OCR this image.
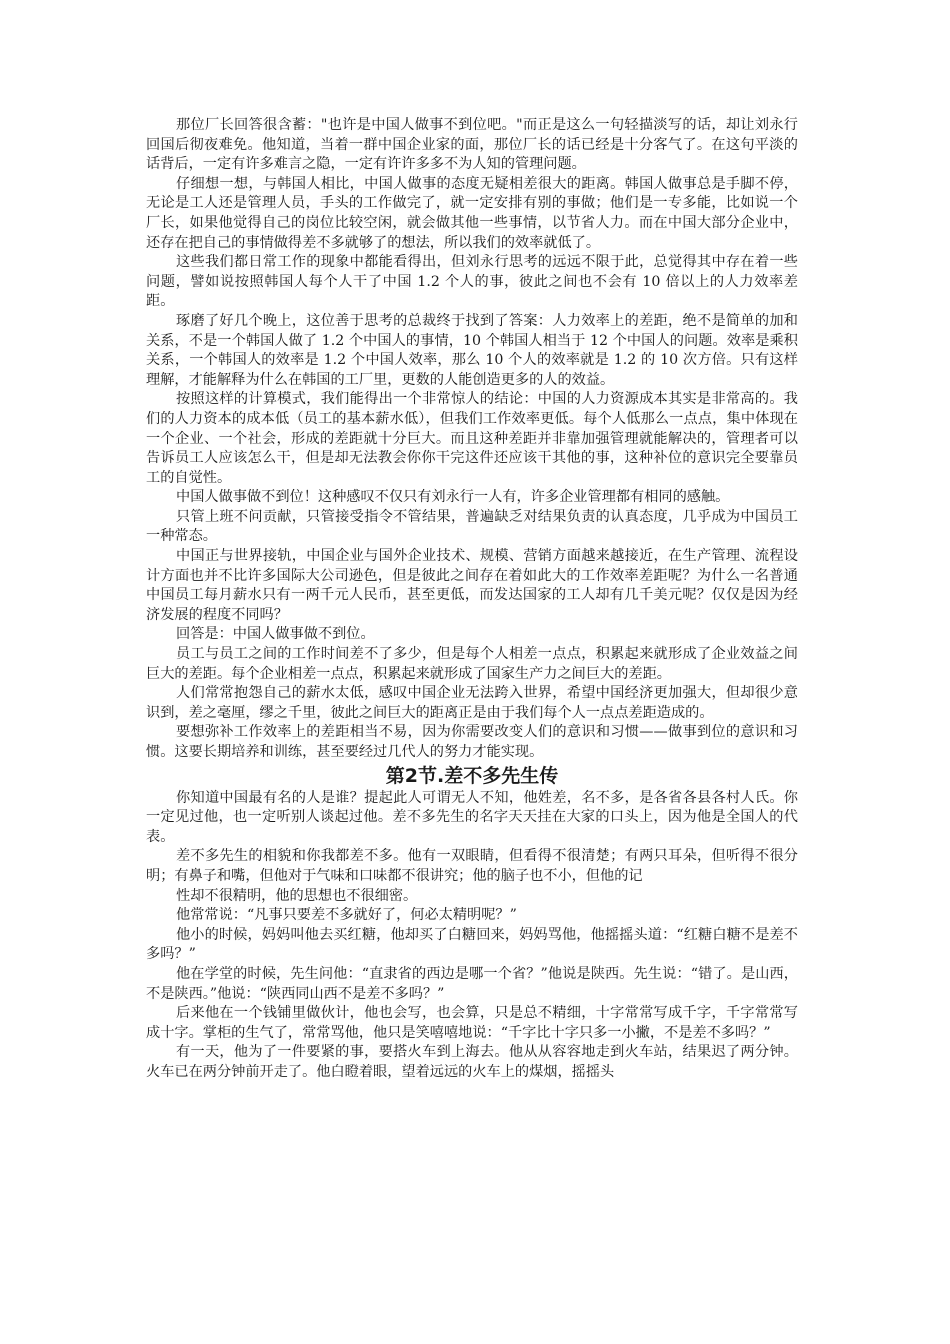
那位厂长回答很含蓄："也许是中国人做事不到位吧。"而正是这么一句轻描淡写的话，却让刘永行回国后彻夜难免。他知道，当着一群中国企业家的面，那位厂长的话已经是十分客气了。在这句平淡的话背后，一定有许多难言之隐，一定有许许多多不为人知的管理问题。

仔细想一想，与韩国人相比，中国人做事的态度无疑相差很大的距离。韩国人做事总是手脚不停，无论是工人还是管理人员，手头的工作做完了，就一定安排有别的事做；他们是一专多能，比如说一个厂长，如果他觉得自己的岗位比较空闲，就会做其他一些事情，以节省人力。而在中国大部分企业中，还存在把自己的事情做得差不多就够了的想法，所以我们的效率就低了。

这些我们都日常工作的现象中都能看得出，但刘永行思考的远远不限于此，总觉得其中存在着一些问题，譬如说按照韩国人每个人干了中国 1.2 个人的事，彼此之间也不会有 10 倍以上的人力效率差距。

琢磨了好几个晚上，这位善于思考的总裁终于找到了答案：人力效率上的差距，绝不是简单的加和关系，不是一个韩国人做了 1.2 个中国人的事情，10 个韩国人相当于 12 个中国人的问题。效率是乘积关系，一个韩国人的效率是 1.2 个中国人效率，那么 10 个人的效率就是 1.2 的 10 次方倍。只有这样理解，才能解释为什么在韩国的工厂里，更数的人能创造更多的人的效益。

按照这样的计算模式，我们能得出一个非常惊人的结论：中国的人力资源成本其实是非常高的。我们的人力资本的成本低（员工的基本薪水低），但我们工作效率更低。每个人低那么一点点，集中体现在一个企业、一个社会，形成的差距就十分巨大。而且这种差距并非靠加强管理就能解决的，管理者可以告诉员工人应该怎么干，但是却无法教会你你干完这件还应该干其他的事，这种补位的意识完全要靠员工的自觉性。

中国人做事做不到位！这种感叹不仅只有刘永行一人有，许多企业管理都有相同的感触。

只管上班不问贡献，只管接受指令不管结果，普遍缺乏对结果负责的认真态度，几乎成为中国员工一种常态。

中国正与世界接轨，中国企业与国外企业技术、规模、营销方面越来越接近，在生产管理、流程设计方面也并不比许多国际大公司逊色，但是彼此之间存在着如此大的工作效率差距呢？为什么一名普通中国员工每月薪水只有一两千元人民币，甚至更低，而发达国家的工人却有几千美元呢？仅仅是因为经济发展的程度不同吗？

回答是：中国人做事做不到位。

员工与员工之间的工作时间差不了多少，但是每个人相差一点点，积累起来就形成了企业效益之间巨大的差距。每个企业相差一点点，积累起来就形成了国家生产力之间巨大的差距。

人们常常抱怨自己的薪水太低，感叹中国企业无法跨入世界，希望中国经济更加强大，但却很少意识到，差之毫厘，缪之千里，彼此之间巨大的距离正是由于我们每个人一点点差距造成的。

要想弥补工作效率上的差距相当不易，因为你需要改变人们的意识和习惯——做事到位的意识和习惯。这要长期培养和训练，甚至要经过几代人的努力才能实现。

第2节.差不多先生传

你知道中国最有名的人是谁？提起此人可谓无人不知，他姓差，名不多，是各省各县各村人氏。你一定见过他，也一定听别人谈起过他。差不多先生的名字天天挂在大家的口头上，因为他是全国人的代表。

差不多先生的相貌和你我都差不多。他有一双眼睛，但看得不很清楚；有两只耳朵，但听得不很分明；有鼻子和嘴，但他对于气味和口味都不很讲究；他的脑子也不小，但他的记

性却不很精明，他的思想也不很细密。

他常常说：“凡事只要差不多就好了，何必太精明呢？”

他小的时候，妈妈叫他去买红糖，他却买了白糖回来，妈妈骂他，他摇摇头道：“红糖白糖不是差不多吗？”

他在学堂的时候，先生问他：“直隶省的西边是哪一个省？”他说是陕西。先生说：“错了。是山西，不是陕西。”他说：“陕西同山西不是差不多吗？”

后来他在一个钱铺里做伙计，他也会写，也会算，只是总不精细，十字常常写成千字，千字常常写成十字。掌柜的生气了，常常骂他，他只是笑嘻嘻地说：“千字比十字只多一小撇，不是差不多吗？”

有一天，他为了一件要紧的事，要搭火车到上海去。他从从容容地走到火车站，结果迟了两分钟。火车已在两分钟前开走了。他白瞪着眼，望着远远的火车上的煤烟，摇摇头
